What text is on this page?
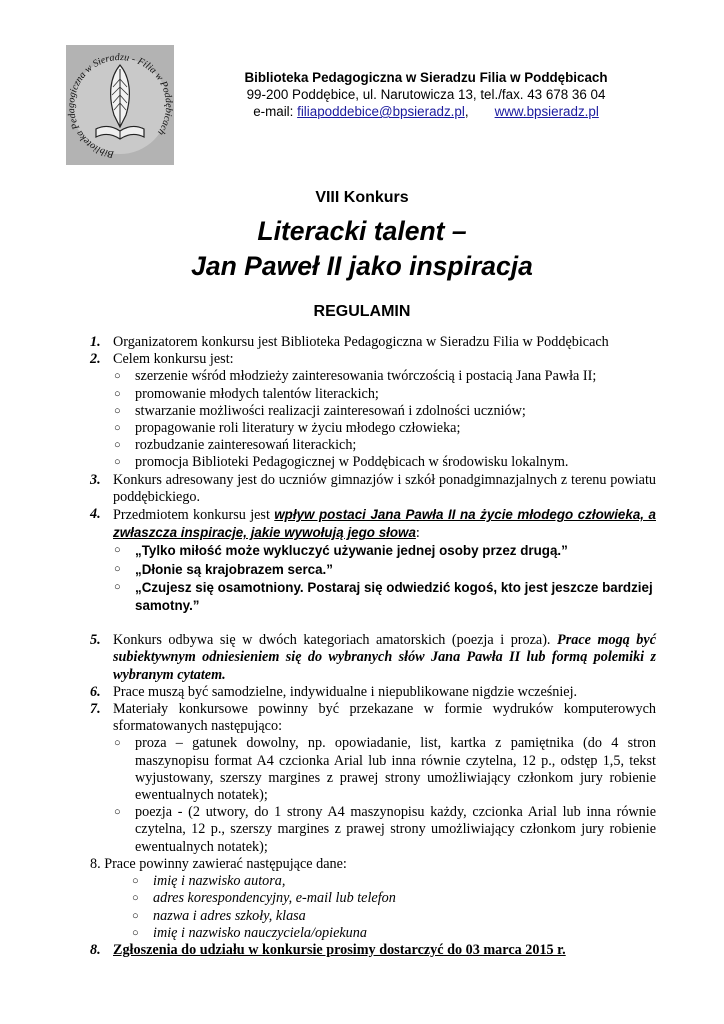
Biblioteka Pedagogiczna w Sieradzu - Filia w Poddębicach
Biblioteka Pedagogiczna w Sieradzu Filia w Poddębicach
99-200 Poddębice, ul. Narutowicza 13, tel./fax. 43 678 36 04
e-mail: filiapoddebice@bpsieradz.pl, www.bpsieradz.pl
VIII Konkurs
Literacki talent –
Jan Paweł II jako inspiracja
REGULAMIN
1. Organizatorem konkursu jest Biblioteka Pedagogiczna w Sieradzu Filia w Poddębicach
2. Celem konkursu jest:
○ szerzenie wśród młodzieży zainteresowania twórczością i postacią Jana Pawła II;
○ promowanie młodych talentów literackich;
○ stwarzanie możliwości realizacji zainteresowań i zdolności uczniów;
○ propagowanie roli literatury w życiu młodego człowieka;
○ rozbudzanie zainteresowań literackich;
○ promocja Biblioteki Pedagogicznej w Poddębicach w środowisku lokalnym.
3. Konkurs adresowany jest do uczniów gimnazjów i szkół ponadgimnazjalnych z terenu powiatu poddębickiego.
4. Przedmiotem konkursu jest wpływ postaci Jana Pawła II na życie młodego człowieka, a zwłaszcza inspiracje, jakie wywołują jego słowa:
○ „Tylko miłość może wykluczyć używanie jednej osoby przez drugą.”
○ „Dłonie są krajobrazem serca.”
○ „Czujesz się osamotniony. Postaraj się odwiedzić kogoś, kto jest jeszcze bardziej samotny.”
5. Konkurs odbywa się w dwóch kategoriach amatorskich (poezja i proza). Prace mogą być subiektywnym odniesieniem się do wybranych słów Jana Pawła II lub formą polemiki z wybranym cytatem.
6. Prace muszą być samodzielne, indywidualne i niepublikowane nigdzie wcześniej.
7. Materiały konkursowe powinny być przekazane w formie wydruków komputerowych sformatowanych następująco:
○ proza – gatunek dowolny, np. opowiadanie, list, kartka z pamiętnika (do 4 stron maszynopisu format A4 czcionka Arial lub inna równie czytelna, 12 p., odstęp 1,5, tekst wyjustowany, szerszy margines z prawej strony umożliwiający członkom jury robienie ewentualnych notatek);
○ poezja - (2 utwory, do 1 strony A4 maszynopisu każdy, czcionka Arial lub inna równie czytelna, 12 p., szerszy margines z prawej strony umożliwiający członkom jury robienie ewentualnych notatek);
8. Prace powinny zawierać następujące dane:
○ imię i nazwisko autora,
○ adres korespondencyjny, e-mail lub telefon
○ nazwa i adres szkoły, klasa
○ imię i nazwisko nauczyciela/opiekuna
8. Zgłoszenia do udziału w konkursie prosimy dostarczyć do 03 marca 2015 r.
